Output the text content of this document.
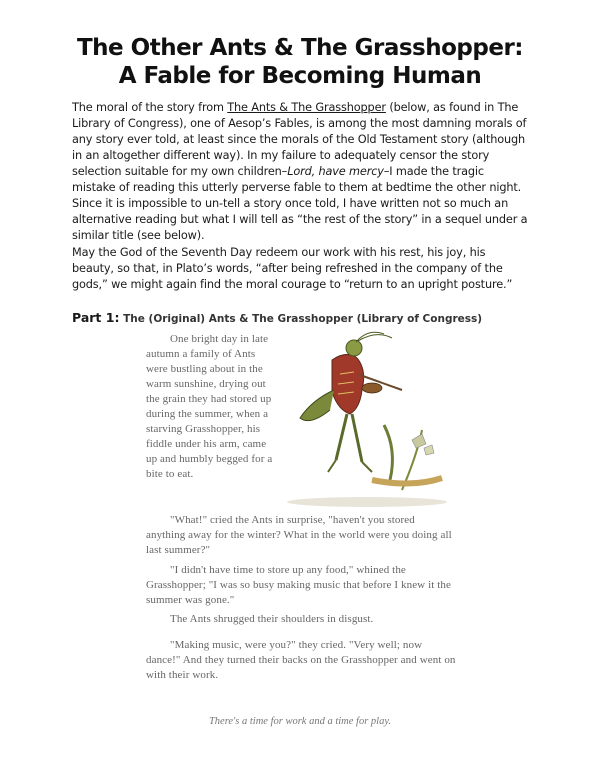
The Other Ants & The Grasshopper:
A Fable for Becoming Human
The moral of the story from The Ants & The Grasshopper (below, as found in The Library of Congress), one of Aesop’s Fables, is among the most damning morals of any story ever told, at least since the morals of the Old Testament story (although in an altogether different way). In my failure to adequately censor the story selection suitable for my own children–Lord, have mercy–I made the tragic mistake of reading this utterly perverse fable to them at bedtime the other night. Since it is impossible to un-tell a story once told, I have written not so much an alternative reading but what I will tell as “the rest of the story” in a sequel under a similar title (see below).
May the God of the Seventh Day redeem our work with his rest, his joy, his beauty, so that, in Plato’s words, “after being refreshed in the company of the gods,” we might again find the moral courage to “return to an upright posture.”
Part 1: The (Original) Ants & The Grasshopper (Library of Congress)
One bright day in late autumn a family of Ants were bustling about in the warm sunshine, drying out the grain they had stored up during the summer, when a starving Grasshopper, his fiddle under his arm, came up and humbly begged for a bite to eat.
"What!" cried the Ants in surprise, "haven't you stored anything away for the winter? What in the world were you doing all last summer?"
"I didn't have time to store up any food," whined the Grasshopper; "I was so busy making music that before I knew it the summer was gone."
The Ants shrugged their shoulders in disgust.
"Making music, were you?" they cried. "Very well; now dance!" And they turned their backs on the Grasshopper and went on with their work.
There's a time for work and a time for play.
